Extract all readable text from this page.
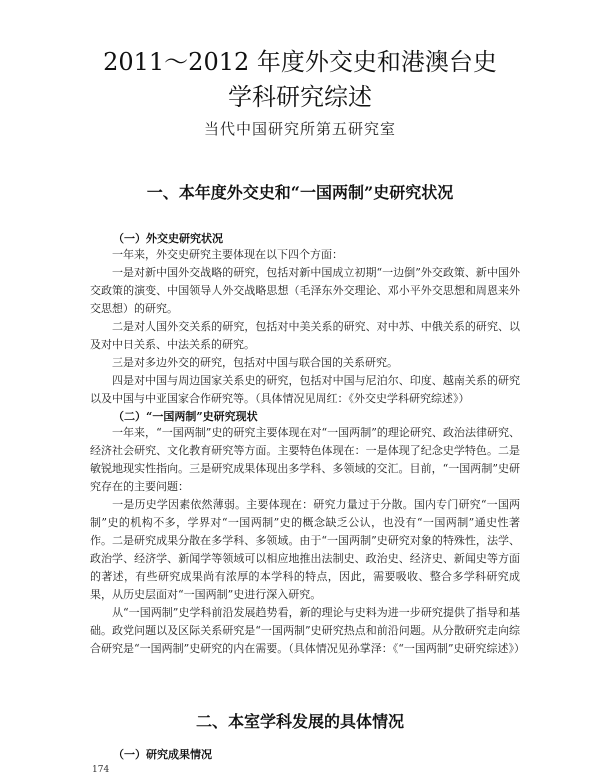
2011～2012 年度外交史和港澳台史
学科研究综述
当代中国研究所第五研究室
一、本年度外交史和“一国两制”史研究状况
（一）外交史研究状况
一年来，外交史研究主要体现在以下四个方面：
一是对新中国外交战略的研究，包括对新中国成立初期“一边倒”外交政策、新中国外交政策的演变、中国领导人外交战略思想（毛泽东外交理论、邓小平外交思想和周恩来外交思想）的研究。
二是对人国外交关系的研究，包括对中美关系的研究、对中苏、中俄关系的研究、以及对中日关系、中法关系的研究。
三是对多边外交的研究，包括对中国与联合国的关系研究。
四是对中国与周边国家关系史的研究，包括对中国与尼泊尔、印度、越南关系的研究以及中国与中亚国家合作研究等。（具体情况见周红：《外交史学科研究综述》）
（二）“一国两制”史研究现状
一年来，“一国两制”史的研究主要体现在对“一国两制”的理论研究、政治法律研究、经济社会研究、文化教育研究等方面。主要特色体现在：一是体现了纪念史学特色。二是敏锐地现实性指向。三是研究成果体现出多学科、多领域的交汇。目前，“一国两制”史研究存在的主要问题：
一是历史学因素依然薄弱。主要体现在：研究力量过于分散。国内专门研究“一国两制”史的机构不多，学界对“一国两制”史的概念缺乏公认，也没有“一国两制”通史性著作。 二是研究成果分散在多学科、多领域。由于“一国两制”史研究对象的特殊性，法学、政治学、经济学、新闻学等领域可以相应地推出法制史、政治史、经济史、新闻史等方面的著述，有些研究成果尚有浓厚的本学科的特点，因此，需要吸收、整合多学科研究成果，从历史层面对“一国两制”史进行深入研究。
从“一国两制”史学科前沿发展趋势看，新的理论与史料为进一步研究提供了指导和基础。政党问题以及区际关系研究是“一国两制”史研究热点和前沿问题。从分散研究走向综合研究是“一国两制”史研究的内在需要。（具体情况见孙掌泽：《“一国两制”史研究综述》）
二、本室学科发展的具体情况
（一）研究成果情况
174
